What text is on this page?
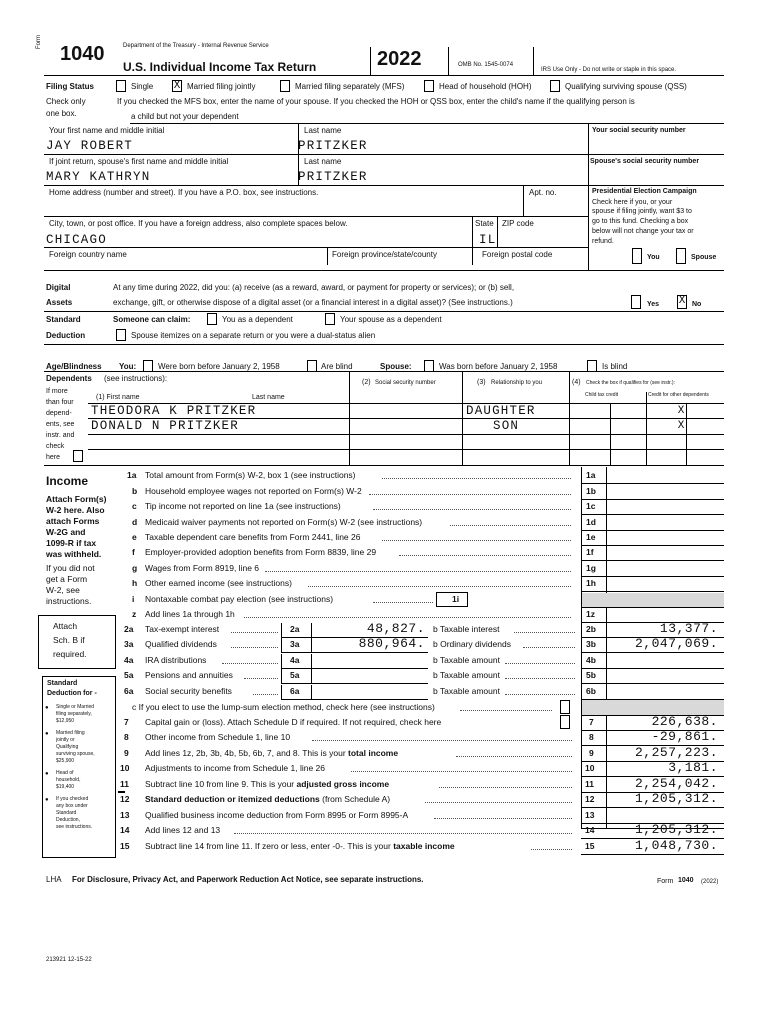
Form
1040	Department of the Treasury - Internal Revenue Service
U.S. Individual Income Tax Return	2022	OMB No. 1545-0074
IRS Use Only - Do not write or staple in this space.
Filing Status
Check only
one box.
Single X Married filing jointly	Married filing separately (MFS)	Head of household (HOH)	Qualifying surviving spouse (QSS)
If you checked the MFS box, enter the name of your spouse. If you checked the HOH or QSS box, enter the child's name if the qualifying person is
a child but not your dependent
Your first name and middle initial	Last name	Your social security number
JAY ROBERT	PRITZKER
If joint return, spouse's first name and middle initial	Last name	Spouse's social security number
MARY KATHRYN	PRITZKER
Home address (number and street). If you have a P.O. box, see instructions.	Apt. no.	Presidential Election Campaign
Check here if you, or your
spouse if filing jointly, want $3 to
go to this fund. Checking a box
below will not change your tax or
refund.
You	Spouse
City, town, or post office. If you have a foreign address, also complete spaces below.	State ZIP code
CHICAGO	IL
Foreign country name	Foreign province/state/county	Foreign postal code
Digital
Assets
At any time during 2022, did you: (a) receive (as a reward, award, or payment for property or services); or (b) sell,
exchange, gift, or otherwise dispose of a digital asset (or a financial interest in a digital asset)? (See instructions.)	Yes X No
Standard
Deduction
Someone can claim:	You as a dependent	Your spouse as a dependent
Spouse itemizes on a separate return or you were a dual-status alien
Age/Blindness You:	Were born before January 2, 1958	Are blind	Spouse:	Was born before January 2, 1958	Is blind
Dependents (see instructions):
If more
than four
depend-
ents, see
instr. and
check
here
(2) Social security number	(3) Relationship to you	(4) Check the box if qualifies for (see instr.):
Child tax credit	Credit for other dependents
(1) First name	Last name
THEODORA K PRITZKER	DAUGHTER	X
DONALD N PRITZKER	SON	X
Income
LHA For Disclosure, Privacy Act, and Paperwork Reduction Act Notice, see separate instructions.	Form 1040 (2022)
213921 12-15-22
Attach Form(s)
W-2 here. Also
attach Forms
W-2G and
1099-R if tax
was withheld.
If you did not
get a Form
W-2, see
instructions.
Attach
Sch. B if
required.
Standard
Deduction for -
● Single or Married
filing separately,
$12,950
● Married filing
jointly or
Qualifying
surviving spouse,
$25,900
● Head of
household,
$19,400
● If you checked
any box under
Standard
Deduction,
see instructions.
1a Total amount from Form(s) W-2, box 1 (see instructions)	1a
b Household employee wages not reported on Form(s) W-2	1b
c Tip income not reported on line 1a (see instructions)	1c
d Medicaid waiver payments not reported on Form(s) W-2 (see instructions)	1d
e Taxable dependent care benefits from Form 2441, line 26	1e
f Employer-provided adoption benefits from Form 8839, line 29	1f
g Wages from Form 8919, line 6	1g
h Other earned income (see instructions)	1h
i Nontaxable combat pay election (see instructions)	1i
z Add lines 1a through 1h	1z
2a Tax-exempt interest	2a	48,827. b Taxable interest	2b	13,377.
3a Qualified dividends	3a	880,964. b Ordinary dividends	3b	2,047,069.
4a IRA distributions	4a	b Taxable amount	4b
5a Pensions and annuities	5a	b Taxable amount	5b
6a Social security benefits	6a	b Taxable amount	6b
c If you elect to use the lump-sum election method, check here (see instructions)
7 Capital gain or (loss). Attach Schedule D if required. If not required, check here	7	226,638.
8 Other income from Schedule 1, line 10	8	-29,861.
9 Add lines 1z, 2b, 3b, 4b, 5b, 6b, 7, and 8. This is your total income	9	2,257,223.
10 Adjustments to income from Schedule 1, line 26	10	3,181.
11 Subtract line 10 from line 9. This is your adjusted gross income	11	2,254,042.
12 Standard deduction or itemized deductions (from Schedule A)	12	1,205,312.
13 Qualified business income deduction from Form 8995 or Form 8995-A	13
14 Add lines 12 and 13	14	1,205,312.
15 Subtract line 14 from line 11. If zero or less, enter -0-. This is your taxable income	15	1,048,730.
